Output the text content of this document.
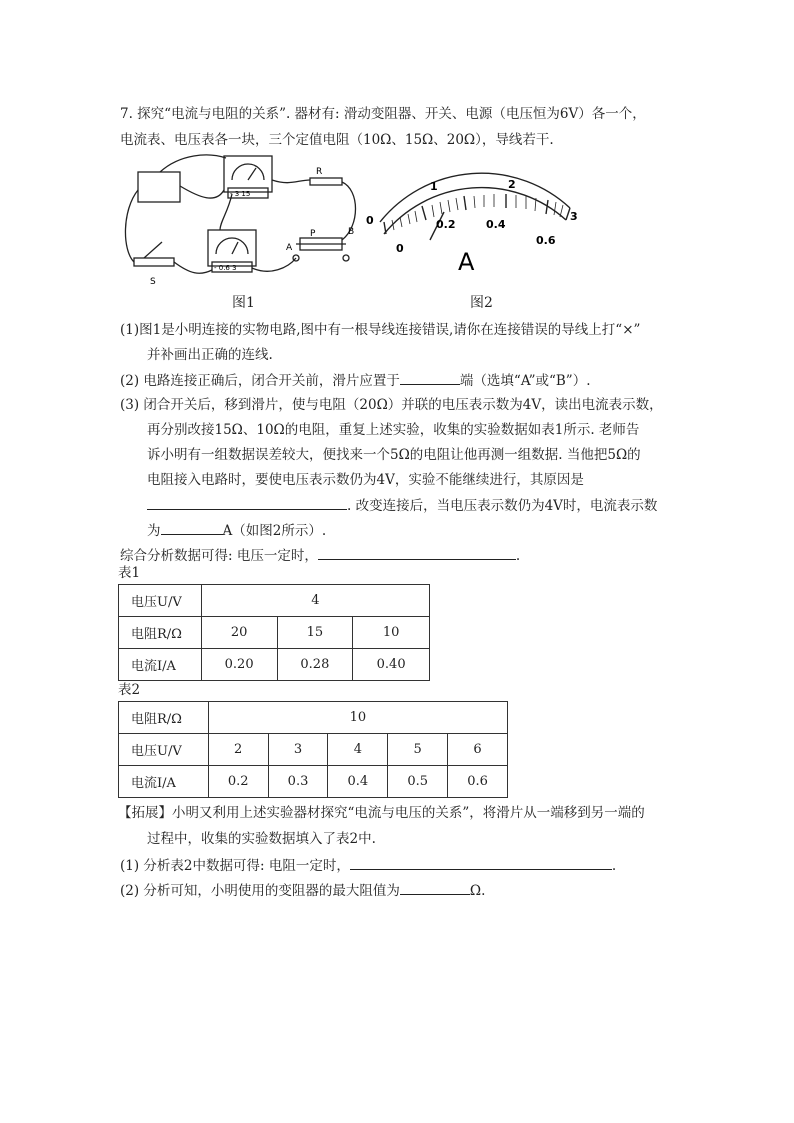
7. 探究“电流与电阻的关系”. 器材有: 滑动变阻器、开关、电源（电压恒为6V）各一个，
电流表、电压表各一块，三个定值电阻（10Ω、15Ω、20Ω），导线若干.
R
P
A
B
S
- 3 15
- 0.6 3
图1
0
1	2
3
0
0.2	0.4
0.6
A
图2
(1)图1是小明连接的实物电路,图中有一根导线连接错误,请你在连接错误的导线上打“×”
并补画出正确的连线.
(2) 电路连接正确后，闭合开关前，滑片应置于	端（选填“A”或“B”）.
(3) 闭合开关后，移到滑片，使与电阻（20Ω）并联的电压表示数为4V，读出电流表示数，
再分别改接15Ω、10Ω的电阻，重复上述实验，收集的实验数据如表1所示. 老师告
诉小明有一组数据误差较大，便找来一个5Ω的电阻让他再测一组数据. 当他把5Ω的
电阻接入电路时，要使电压表示数仍为4V，实验不能继续进行，其原因是
. 改变连接后，当电压表示数仍为4V时，电流表示数
为	A（如图2所示）.
综合分析数据可得: 电压一定时，	.
表1
电压U/V	4		
电阻R/Ω	20	15	10
电流I/A	0.20	0.28	0.40
表2
电阻R/Ω	10				
电压U/V	2	3	4	5	6
电流I/A	0.2	0.3	0.4	0.5	0.6
【拓展】小明又利用上述实验器材探究“电流与电压的关系”，将滑片从一端移到另一端的
过程中，收集的实验数据填入了表2中.
(1) 分析表2中数据可得: 电阻一定时，	.
(2) 分析可知，小明使用的变阻器的最大阻值为	Ω.
